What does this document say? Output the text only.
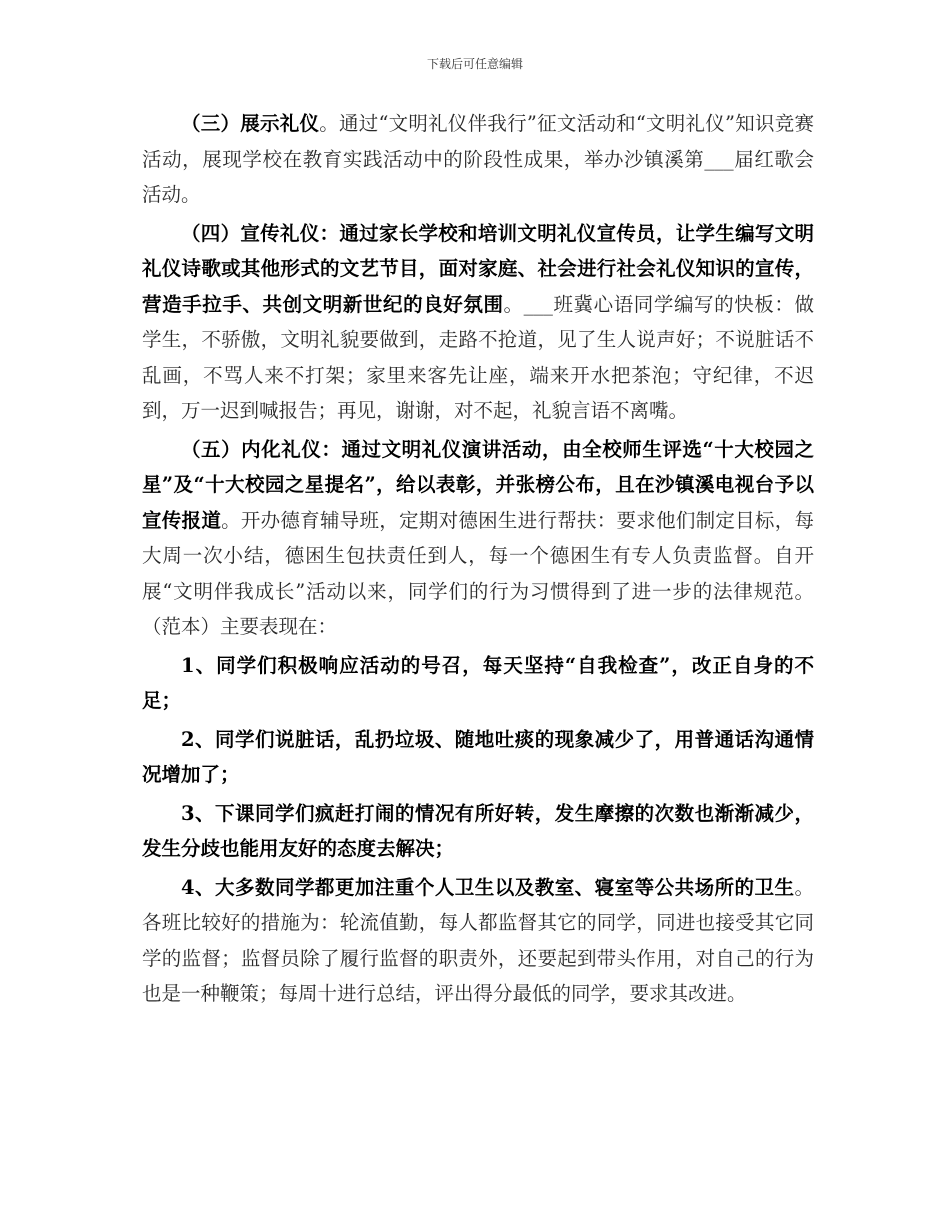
下载后可任意编辑

（三）展示礼仪。通过“文明礼仪伴我行”征文活动和“文明礼仪”知识竞赛活动，展现学校在教育实践活动中的阶段性成果，举办沙镇溪第___届红歌会活动。

（四）宣传礼仪：通过家长学校和培训文明礼仪宣传员，让学生编写文明礼仪诗歌或其他形式的文艺节目，面对家庭、社会进行社会礼仪知识的宣传，营造手拉手、共创文明新世纪的良好氛围。___班冀心语同学编写的快板：做学生，不骄傲，文明礼貌要做到，走路不抢道，见了生人说声好；不说脏话不乱画，不骂人来不打架；家里来客先让座，端来开水把茶泡；守纪律，不迟到，万一迟到喊报告；再见，谢谢，对不起，礼貌言语不离嘴。

（五）内化礼仪：通过文明礼仪演讲活动，由全校师生评选“十大校园之星”及“十大校园之星提名”，给以表彰，并张榜公布，且在沙镇溪电视台予以宣传报道。开办德育辅导班，定期对德困生进行帮扶：要求他们制定目标，每大周一次小结，德困生包扶责任到人，每一个德困生有专人负责监督。自开展“文明伴我成长”活动以来，同学们的行为习惯得到了进一步的法律规范。（范本）主要表现在：

1、同学们积极响应活动的号召，每天坚持“自我检查”，改正自身的不足；

2、同学们说脏话，乱扔垃圾、随地吐痰的现象减少了，用普通话沟通情况增加了；

3、下课同学们疯赶打闹的情况有所好转，发生摩擦的次数也渐渐减少，发生分歧也能用友好的态度去解决；

4、大多数同学都更加注重个人卫生以及教室、寝室等公共场所的卫生。各班比较好的措施为：轮流值勤，每人都监督其它的同学，同进也接受其它同学的监督；监督员除了履行监督的职责外，还要起到带头作用，对自己的行为也是一种鞭策；每周十进行总结，评出得分最低的同学，要求其改进。
